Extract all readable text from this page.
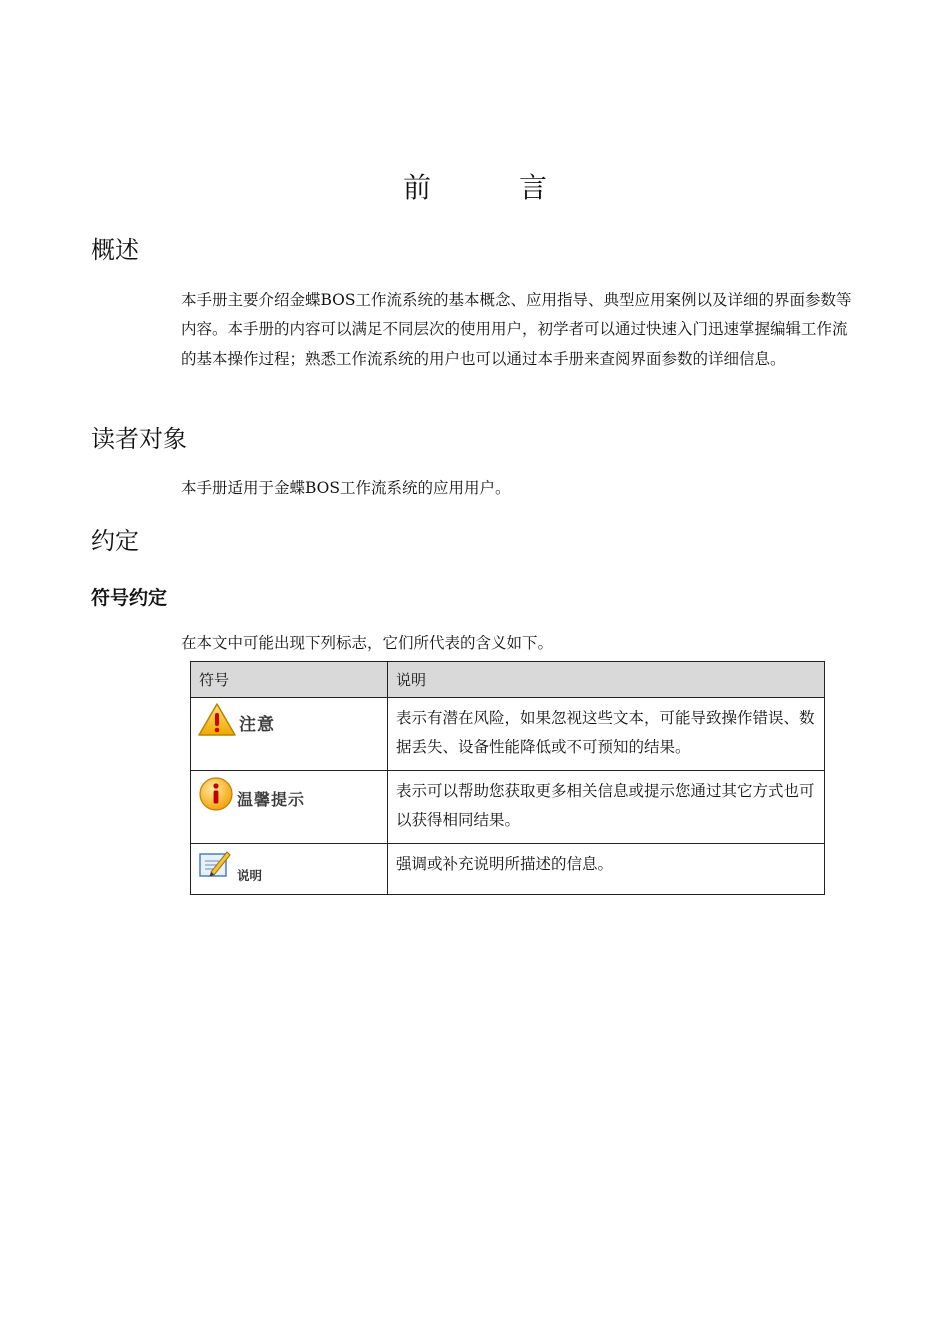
前　言
概述

本手册主要介绍金蝶BOS工作流系统的基本概念、应用指导、典型应用案例以及详细的界面参数等内容。本手册的内容可以满足不同层次的使用用户，初学者可以通过快速入门迅速掌握编辑工作流的基本操作过程；熟悉工作流系统的用户也可以通过本手册来查阅界面参数的详细信息。

读者对象

本手册适用于金蝶BOS工作流系统的应用用户。

约定
符号约定

在本文中可能出现下列标志，它们所代表的含义如下。

符号	说明

注意	表示有潜在风险，如果忽视这些文本，可能导致操作错误、数据丢失、设备性能降低或不可预知的结果。

温馨提示	表示可以帮助您获取更多相关信息或提示您通过其它方式也可以获得相同结果。

说明	强调或补充说明所描述的信息。
